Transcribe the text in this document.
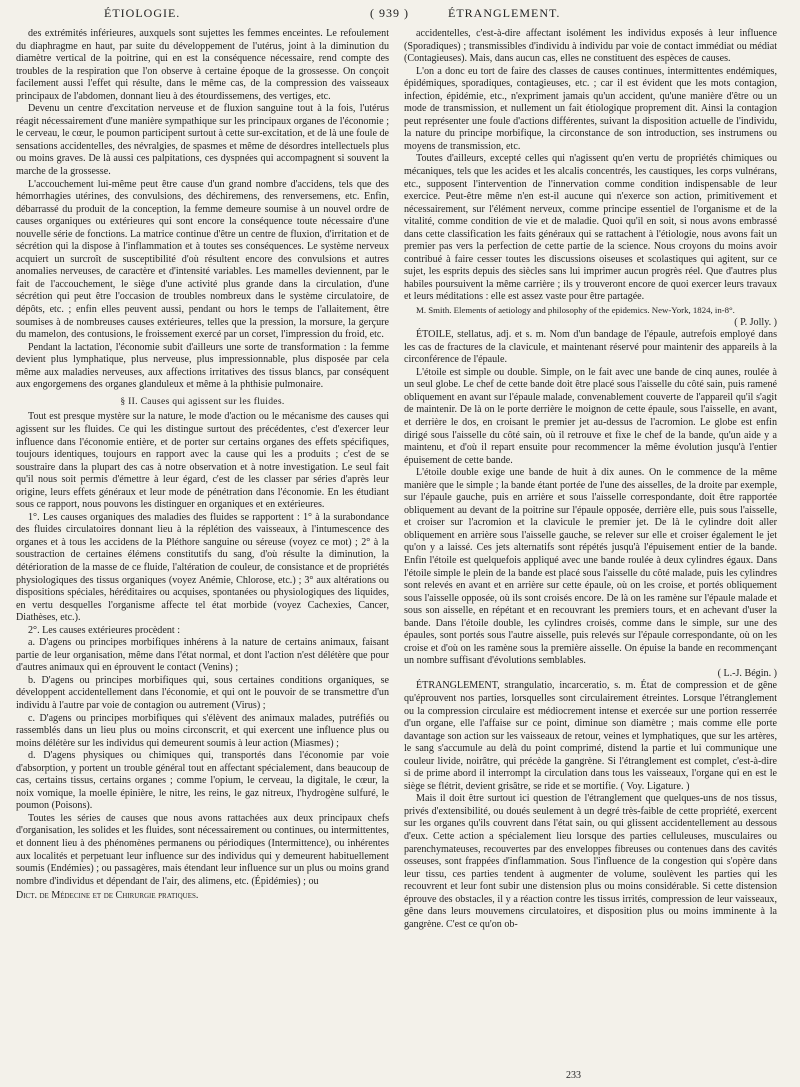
ÉTIOLOGIE.	( 939 )	ÉTRANGLEMENT.

des extrémités inférieures, auxquels sont sujettes les femmes enceintes. Le refoulement du diaphragme en haut, par suite du développement de l'utérus, joint à la diminution du diamètre vertical de la poitrine, qui en est la conséquence nécessaire, rend compte des troubles de la respiration que l'on observe à certaine époque de la grossesse. On conçoit facilement aussi l'effet qui résulte, dans le même cas, de la compression des vaisseaux principaux de l'abdomen, donnant lieu à des étourdissemens, des vertiges, etc.

Devenu un centre d'excitation nerveuse et de fluxion sanguine tout à la fois, l'utérus réagit nécessairement d'une manière sympathique sur les principaux organes de l'économie ; le cerveau, le cœur, le poumon participent surtout à cette sur-excitation, et de là une foule de sensations accidentelles, des névralgies, de spasmes et même de désordres intellectuels plus ou moins graves. De là aussi ces palpitations, ces dyspnées qui accompagnent si souvent la marche de la grossesse.

L'accouchement lui-même peut être cause d'un grand nombre d'accidens, tels que des hémorrhagies utérines, des convulsions, des déchiremens, des renversemens, etc. Enfin, débarrassé du produit de la conception, la femme demeure soumise à un nouvel ordre de causes organiques ou extérieures qui sont encore la conséquence toute nécessaire d'une nouvelle série de fonctions. La matrice continue d'être un centre de fluxion, d'irritation et de sécrétion qui la dispose à l'inflammation et à toutes ses conséquences. Le système nerveux acquiert un surcroît de susceptibilité d'où résultent encore des convulsions et autres anomalies nerveuses, de caractère et d'intensité variables. Les mamelles deviennent, par le fait de l'accouchement, le siège d'une activité plus grande dans la circulation, d'une sécrétion qui peut être l'occasion de troubles nombreux dans le système circulatoire, de dépôts, etc. ; enfin elles peuvent aussi, pendant ou hors le temps de l'allaitement, être soumises à de nombreuses causes extérieures, telles que la pression, la morsure, la gerçure du mamelon, des contusions, le froissement exercé par un corset, l'impression du froid, etc.

Pendant la lactation, l'économie subit d'ailleurs une sorte de transformation : la femme devient plus lymphatique, plus nerveuse, plus impressionnable, plus disposée par cela même aux maladies nerveuses, aux affections irritatives des tissus blancs, par conséquent aux engorgemens des organes glanduleux et même à la phthisie pulmonaire.

§ II. Causes qui agissent sur les fluides.

Tout est presque mystère sur la nature, le mode d'action ou le mécanisme des causes qui agissent sur les fluides. Ce qui les distingue surtout des précédentes, c'est d'exercer leur influence dans l'économie entière, et de porter sur certains organes des effets spécifiques, toujours identiques, toujours en rapport avec la cause qui les a produits ; c'est de se soustraire dans la plupart des cas à notre observation et à notre investigation. Le seul fait qu'il nous soit permis d'émettre à leur égard, c'est de les classer par séries d'après leur origine, leurs effets généraux et leur mode de pénétration dans l'économie. En les étudiant sous ce rapport, nous pouvons les distinguer en organiques et en extérieures.

1°. Les causes organiques des maladies des fluides se rapportent : 1° à la surabondance des fluides circulatoires donnant lieu à la réplétion des vaisseaux, à l'intumescence des organes et à tous les accidens de la Pléthore sanguine ou séreuse (voyez ce mot) ; 2° à la soustraction de certaines élémens constitutifs du sang, d'où résulte la diminution, la détérioration de la masse de ce fluide, l'altération de couleur, de consistance et de propriétés physiologiques des tissus organiques (voyez Anémie, Chlorose, etc.) ; 3° aux altérations ou dispositions spéciales, héréditaires ou acquises, spontanées ou physiologiques des liquides, en vertu desquelles l'organisme affecte tel état morbide (voyez Cachexies, Cancer, Diathèses, etc.).

2°. Les causes extérieures procèdent :

a. D'agens ou principes morbifiques inhérens à la nature de certains animaux, faisant partie de leur organisation, même dans l'état normal, et dont l'action n'est délétère que pour d'autres animaux qui en éprouvent le contact (Venins) ;

b. D'agens ou principes morbifiques qui, sous certaines conditions organiques, se développent accidentellement dans l'économie, et qui ont le pouvoir de se transmettre d'un individu à l'autre par voie de contagion ou autrement (Virus) ;

c. D'agens ou principes morbifiques qui s'élèvent des animaux malades, putréfiés ou rassemblés dans un lieu plus ou moins circonscrit, et qui exercent une influence plus ou moins délétère sur les individus qui demeurent soumis à leur action (Miasmes) ;

d. D'agens physiques ou chimiques qui, transportés dans l'économie par voie d'absorption, y portent un trouble général tout en affectant spécialement, dans beaucoup de cas, certains tissus, certains organes ; comme l'opium, le cerveau, la digitale, le cœur, la noix vomique, la moelle épinière, le nitre, les reins, le gaz nitreux, l'hydrogène sulfuré, le poumon (Poisons).

Toutes les séries de causes que nous avons rattachées aux deux principaux chefs d'organisation, les solides et les fluides, sont nécessairement ou continues, ou intermittentes, et donnent lieu à des phénomènes permanens ou périodiques (Intermittence), ou inhérentes aux localités et perpetuant leur influence sur des individus qui y demeurent habituellement soumis (Endémies) ; ou passagères, mais étendant leur influence sur un plus ou moins grand nombre d'individus et dépendant de l'air, des alimens, etc. (Épidémies) ; ou

Dict. de Médecine et de Chirurgie pratiques.

accidentelles, c'est-à-dire affectant isolément les individus exposés à leur influence (Sporadiques) ; transmissibles d'individu à individu par voie de contact immédiat ou médiat (Contagieuses). Mais, dans aucun cas, elles ne constituent des espèces de causes.

L'on a donc eu tort de faire des classes de causes continues, intermittentes endémiques, épidémiques, sporadiques, contagieuses, etc. ; car il est évident que les mots contagion, infection, épidémie, etc., n'expriment jamais qu'un accident, qu'une manière d'être ou un mode de transmission, et nullement un fait étiologique proprement dit. Ainsi la contagion peut représenter une foule d'actions différentes, suivant la disposition actuelle de l'individu, la nature du principe morbifique, la circonstance de son introduction, ses instrumens ou moyens de transmission, etc.

Toutes d'ailleurs, excepté celles qui n'agissent qu'en vertu de propriétés chimiques ou mécaniques, tels que les acides et les alcalis concentrés, les caustiques, les corps vulnérans, etc., supposent l'intervention de l'innervation comme condition indispensable de leur exercice. Peut-être même n'en est-il aucune qui n'exerce son action, primitivement et nécessairement, sur l'élément nerveux, comme principe essentiel de l'organisme et de la vitalité, comme condition de vie et de maladie. Quoi qu'il en soit, si nous avons embrassé dans cette classification les faits généraux qui se rattachent à l'étiologie, nous avons fait un premier pas vers la perfection de cette partie de la science. Nous croyons du moins avoir contribué à faire cesser toutes les discussions oiseuses et scolastiques qui agitent, sur ce sujet, les esprits depuis des siècles sans lui imprimer aucun progrès réel. Que d'autres plus habiles poursuivent la même carrière ; ils y trouveront encore de quoi exercer leurs travaux et leurs méditations : elle est assez vaste pour être partagée.

M. Smith. Elements of aetiology and philosophy of the epidemics. New-York, 1824, in-8°.

( P. Jolly. )

ÉTOILE, stellatus, adj. et s. m. Nom d'un bandage de l'épaule, autrefois employé dans les cas de fractures de la clavicule, et maintenant réservé pour maintenir des appareils à la circonférence de l'épaule.

L'étoile est simple ou double. Simple, on le fait avec une bande de cinq aunes, roulée à un seul globe. Le chef de cette bande doit être placé sous l'aisselle du côté sain, puis ramené obliquement en avant sur l'épaule malade, convenablement couverte de l'appareil qu'il s'agit de maintenir. De là on le porte derrière le moignon de cette épaule, sous l'aisselle, en avant, et derrière le dos, en croisant le premier jet au-dessus de l'acromion. Le globe est enfin dirigé sous l'aisselle du côté sain, où il retrouve et fixe le chef de la bande, qu'un aide y a maintenu, et d'où il repart ensuite pour recommencer la même évolution jusqu'à l'entier épuisement de cette bande.

L'étoile double exige une bande de huit à dix aunes. On le commence de la même manière que le simple ; la bande étant portée de l'une des aisselles, de la droite par exemple, sur l'épaule gauche, puis en arrière et sous l'aisselle correspondante, doit être rapportée obliquement au devant de la poitrine sur l'épaule opposée, derrière elle, puis sous l'aisselle, et croiser sur l'acromion et la clavicule le premier jet. De là le cylindre doit aller obliquement en arrière sous l'aisselle gauche, se relever sur elle et croiser également le jet qu'on y a laissé. Ces jets alternatifs sont répétés jusqu'à l'épuisement entier de la bande. Enfin l'étoile est quelquefois appliqué avec une bande roulée à deux cylindres égaux. Dans l'étoile simple le plein de la bande est placé sous l'aisselle du côté malade, puis les cylindres sont relevés en avant et en arrière sur cette épaule, où on les croise, et portés obliquement sous l'aisselle opposée, où ils sont croisés encore. De là on les ramène sur l'épaule malade et sous son aisselle, en répétant et en recouvrant les premiers tours, et en achevant d'user la bande. Dans l'étoile double, les cylindres croisés, comme dans le simple, sur une des épaules, sont portés sous l'autre aisselle, puis relevés sur l'épaule correspondante, où on les croise et d'où on les ramène sous la première aisselle. On épuise la bande en recommençant un nombre suffisant d'évolutions semblables.

( L.-J. Bégin. )

ÉTRANGLEMENT, strangulatio, incarceratio, s. m. État de compression et de gêne qu'éprouvent nos parties, lorsquelles sont circulairement étreintes. Lorsque l'étranglement ou la compression circulaire est médiocrement intense et exercée sur une portion resserrée d'un organe, elle l'affaise sur ce point, diminue son diamètre ; mais comme elle porte davantage son action sur les vaisseaux de retour, veines et lymphatiques, que sur les artères, le sang s'accumule au delà du point comprimé, distend la partie et lui communique une couleur livide, noirâtre, qui précède la gangrène. Si l'étranglement est complet, c'est-à-dire si de prime abord il interrompt la circulation dans tous les vaisseaux, l'organe qui en est le siège se flétrit, devient grisâtre, se ride et se mortifie. ( Voy. Ligature. )

Mais il doit être surtout ici question de l'étranglement que quelques-uns de nos tissus, privés d'extensibilité, ou doués seulement à un degré très-faible de cette propriété, exercent sur les organes qu'ils couvrent dans l'état sain, ou qui glissent accidentellement au dessous d'eux. Cette action a spécialement lieu lorsque des parties celluleuses, musculaires ou parenchymateuses, recouvertes par des enveloppes fibreuses ou contenues dans des cavités osseuses, sont frappées d'inflammation. Sous l'influence de la congestion qui s'opère dans leur tissu, ces parties tendent à augmenter de volume, soulèvent les parties qui les recouvrent et leur font subir une distension plus ou moins considérable. Si cette distension éprouve des obstacles, il y a réaction contre les tissus irrités, compression de leur vaisseaux, gêne dans leurs mouvemens circulatoires, et disposition plus ou moins imminente à la gangrène. C'est ce qu'on ob-

233
